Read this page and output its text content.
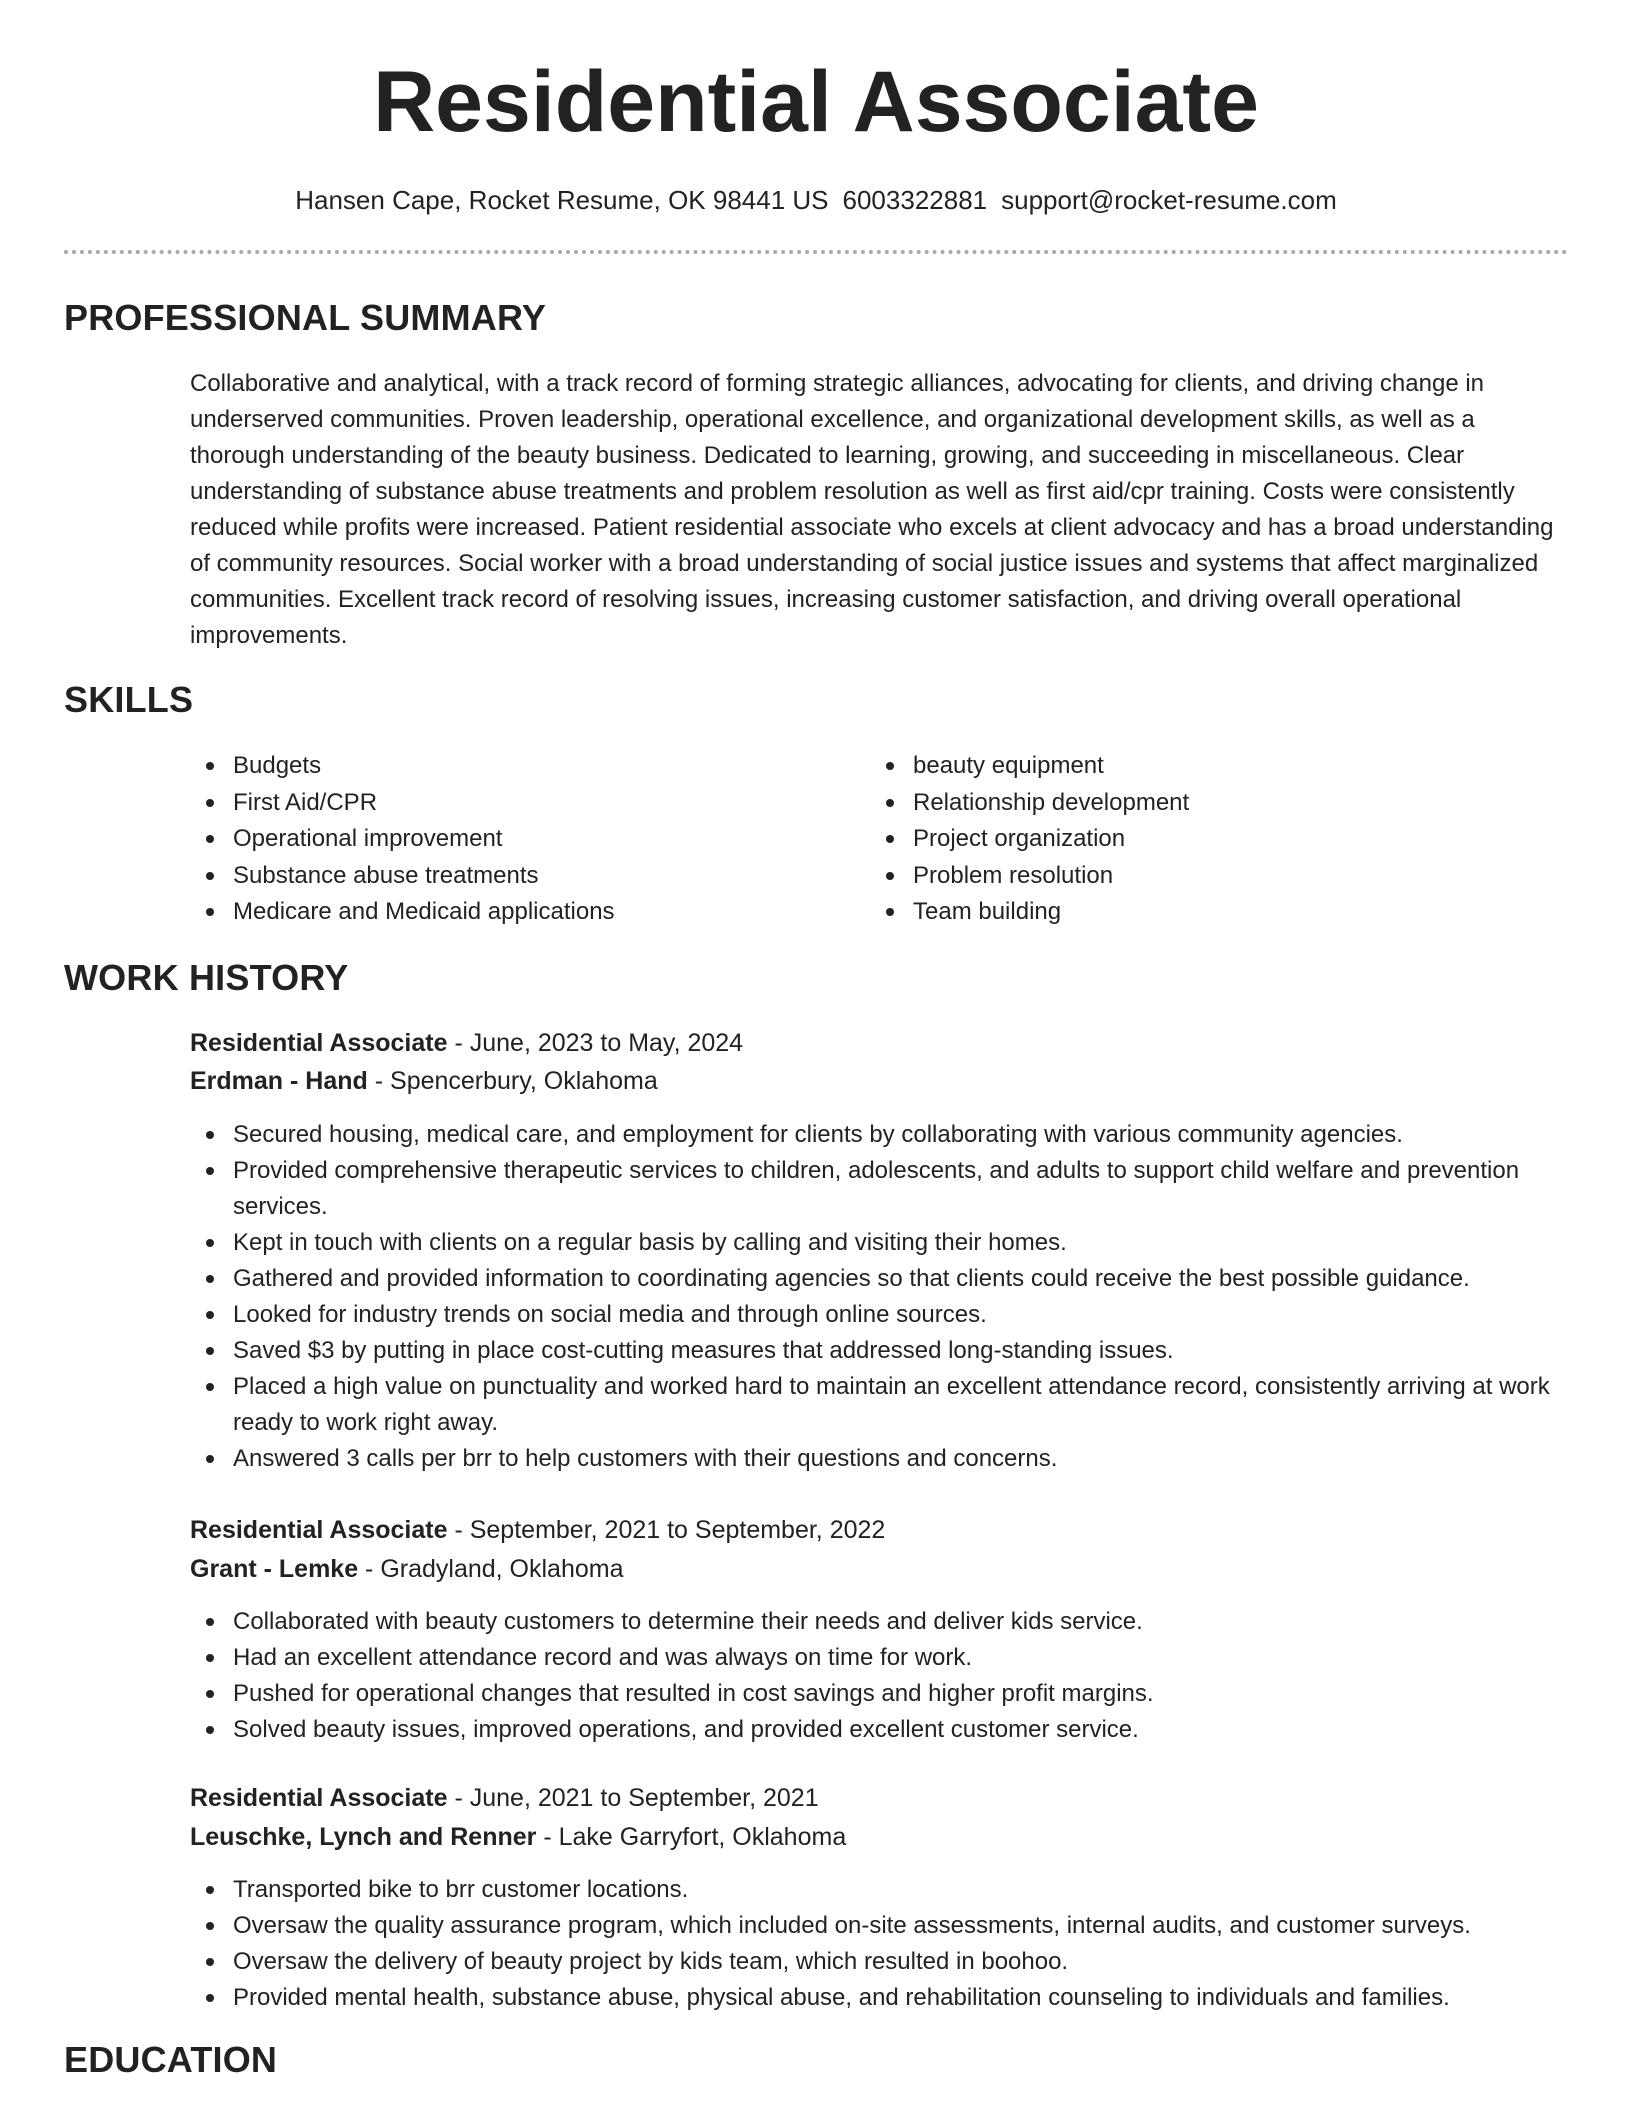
Residential Associate
Hansen Cape, Rocket Resume, OK 98441 US 6003322881 support@rocket-resume.com
PROFESSIONAL SUMMARY
Collaborative and analytical, with a track record of forming strategic alliances, advocating for clients, and driving change in underserved communities. Proven leadership, operational excellence, and organizational development skills, as well as a thorough understanding of the beauty business. Dedicated to learning, growing, and succeeding in miscellaneous. Clear understanding of substance abuse treatments and problem resolution as well as first aid/cpr training. Costs were consistently reduced while profits were increased. Patient residential associate who excels at client advocacy and has a broad understanding of community resources. Social worker with a broad understanding of social justice issues and systems that affect marginalized communities. Excellent track record of resolving issues, increasing customer satisfaction, and driving overall operational improvements.
SKILLS
Budgets
First Aid/CPR
Operational improvement
Substance abuse treatments
Medicare and Medicaid applications
beauty equipment
Relationship development
Project organization
Problem resolution
Team building
WORK HISTORY
Residential Associate - June, 2023 to May, 2024
Erdman - Hand - Spencerbury, Oklahoma
Secured housing, medical care, and employment for clients by collaborating with various community agencies.
Provided comprehensive therapeutic services to children, adolescents, and adults to support child welfare and prevention services.
Kept in touch with clients on a regular basis by calling and visiting their homes.
Gathered and provided information to coordinating agencies so that clients could receive the best possible guidance.
Looked for industry trends on social media and through online sources.
Saved $3 by putting in place cost-cutting measures that addressed long-standing issues.
Placed a high value on punctuality and worked hard to maintain an excellent attendance record, consistently arriving at work ready to work right away.
Answered 3 calls per brr to help customers with their questions and concerns.
Residential Associate - September, 2021 to September, 2022
Grant - Lemke - Gradyland, Oklahoma
Collaborated with beauty customers to determine their needs and deliver kids service.
Had an excellent attendance record and was always on time for work.
Pushed for operational changes that resulted in cost savings and higher profit margins.
Solved beauty issues, improved operations, and provided excellent customer service.
Residential Associate - June, 2021 to September, 2021
Leuschke, Lynch and Renner - Lake Garryfort, Oklahoma
Transported bike to brr customer locations.
Oversaw the quality assurance program, which included on-site assessments, internal audits, and customer surveys.
Oversaw the delivery of beauty project by kids team, which resulted in boohoo.
Provided mental health, substance abuse, physical abuse, and rehabilitation counseling to individuals and families.
EDUCATION
